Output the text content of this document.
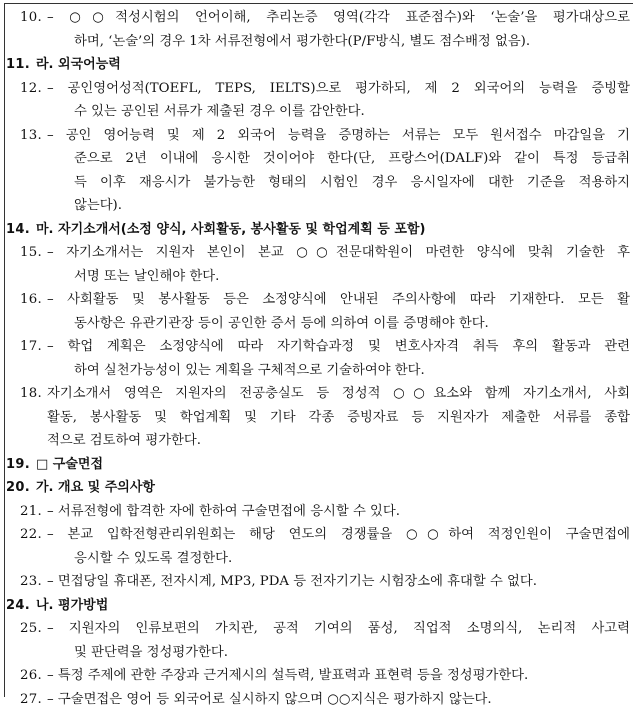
10. – ○○적성시험의 언어이해, 추리논증 영역(각각 표준점수)와 ‘논술’을 평가대상으로
하며, ‘논술’의 경우 1차 서류전형에서 평가한다(P/F방식, 별도 점수배정 없음).
11. 라. 외국어능력
12. – 공인영어성적(TOEFL, TEPS, IELTS)으로 평가하되, 제 2 외국어의 능력을 증빙할
수 있는 공인된 서류가 제출된 경우 이를 감안한다.
13. – 공인 영어능력 및 제 2 외국어 능력을 증명하는 서류는 모두 원서접수 마감일을 기
준으로 2년 이내에 응시한 것이어야 한다(단, 프랑스어(DALF)와 같이 특정 등급취
득 이후 재응시가 불가능한 형태의 시험인 경우 응시일자에 대한 기준을 적용하지
않는다).
14. 마. 자기소개서(소정 양식, 사회활동, 봉사활동 및 학업계획 등 포함)
15. – 자기소개서는 지원자 본인이 본교 ○○전문대학원이 마련한 양식에 맞춰 기술한 후
서명 또는 날인해야 한다.
16. – 사회활동 및 봉사활동 등은 소정양식에 안내된 주의사항에 따라 기재한다. 모든 활
동사항은 유관기관장 등이 공인한 증서 등에 의하여 이를 증명해야 한다.
17. – 학업 계획은 소정양식에 따라 자기학습과정 및 변호사자격 취득 후의 활동과 관련
하여 실천가능성이 있는 계획을 구체적으로 기술하여야 한다.
18. 자기소개서 영역은 지원자의 전공충실도 등 정성적 ○○요소와 함께 자기소개서, 사회
활동, 봉사활동 및 학업계획 및 기타 각종 증빙자료 등 지원자가 제출한 서류를 종합
적으로 검토하여 평가한다.
19. □ 구술면접
20. 가. 개요 및 주의사항
21. – 서류전형에 합격한 자에 한하여 구술면접에 응시할 수 있다.
22. – 본교 입학전형관리위원회는 해당 연도의 경쟁률을 ○○하여 적정인원이 구술면접에
응시할 수 있도록 결정한다.
23. – 면접당일 휴대폰, 전자시계, MP3, PDA 등 전자기기는 시험장소에 휴대할 수 없다.
24. 나. 평가방법
25. – 지원자의 인류보편의 가치관, 공적 기여의 품성, 직업적 소명의식, 논리적 사고력
및 판단력을 정성평가한다.
26. – 특정 주제에 관한 주장과 근거제시의 설득력, 발표력과 표현력 등을 정성평가한다.
27. – 구술면접은 영어 등 외국어로 실시하지 않으며 ○○지식은 평가하지 않는다.
